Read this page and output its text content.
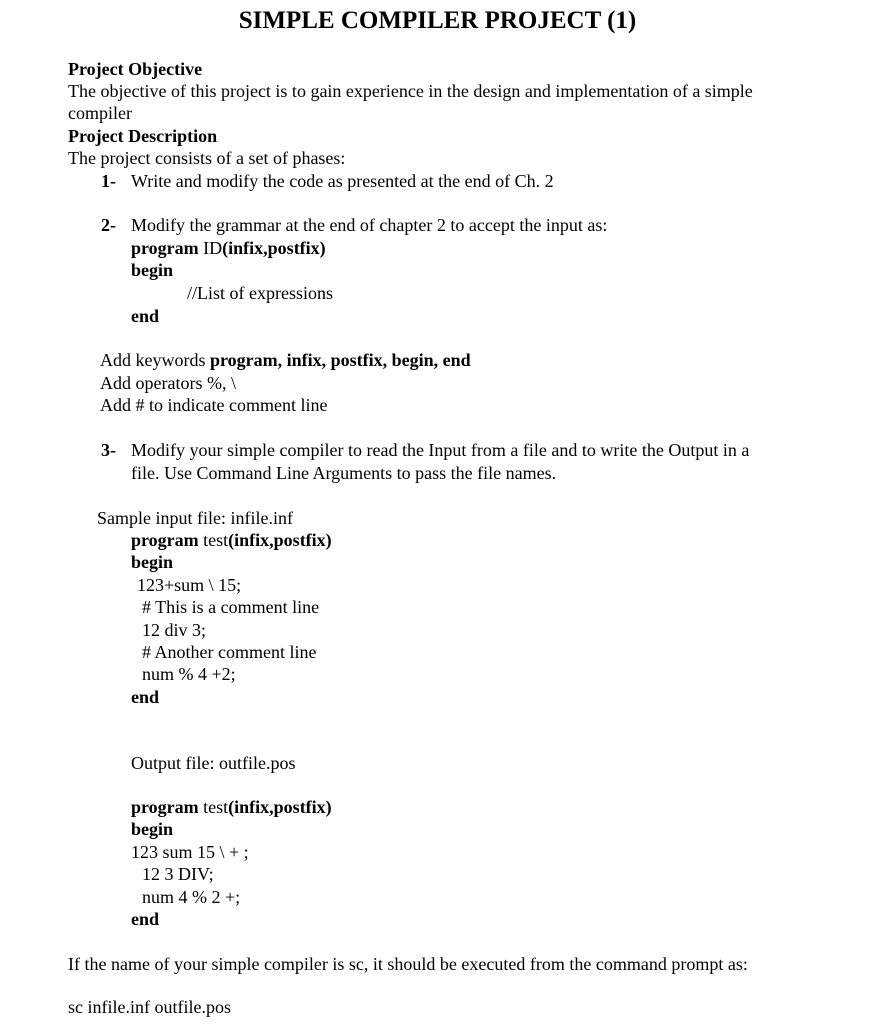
SIMPLE COMPILER PROJECT (1)
Project Objective
The objective of this project is to gain experience in the design and implementation of a simple
compiler
Project Description
The project consists of a set of phases:
1- Write and modify the code as presented at the end of Ch. 2
2- Modify the grammar at the end of chapter 2 to accept the input as:
program ID(infix,postfix)
begin
//List of expressions
end
Add keywords program, infix, postfix, begin, end
Add operators %, \
Add # to indicate comment line
3- Modify your simple compiler to read the Input from a file and to write the Output in a
file. Use Command Line Arguments to pass the file names.
Sample input file: infile.inf
program test(infix,postfix)
begin
123+sum \ 15;
# This is a comment line
12 div 3;
# Another comment line
num % 4 +2;
end
Output file: outfile.pos
program test(infix,postfix)
begin
123 sum 15 \ + ;
12 3 DIV;
num 4 % 2 +;
end
If the name of your simple compiler is sc, it should be executed from the command prompt as:
sc infile.inf outfile.pos
